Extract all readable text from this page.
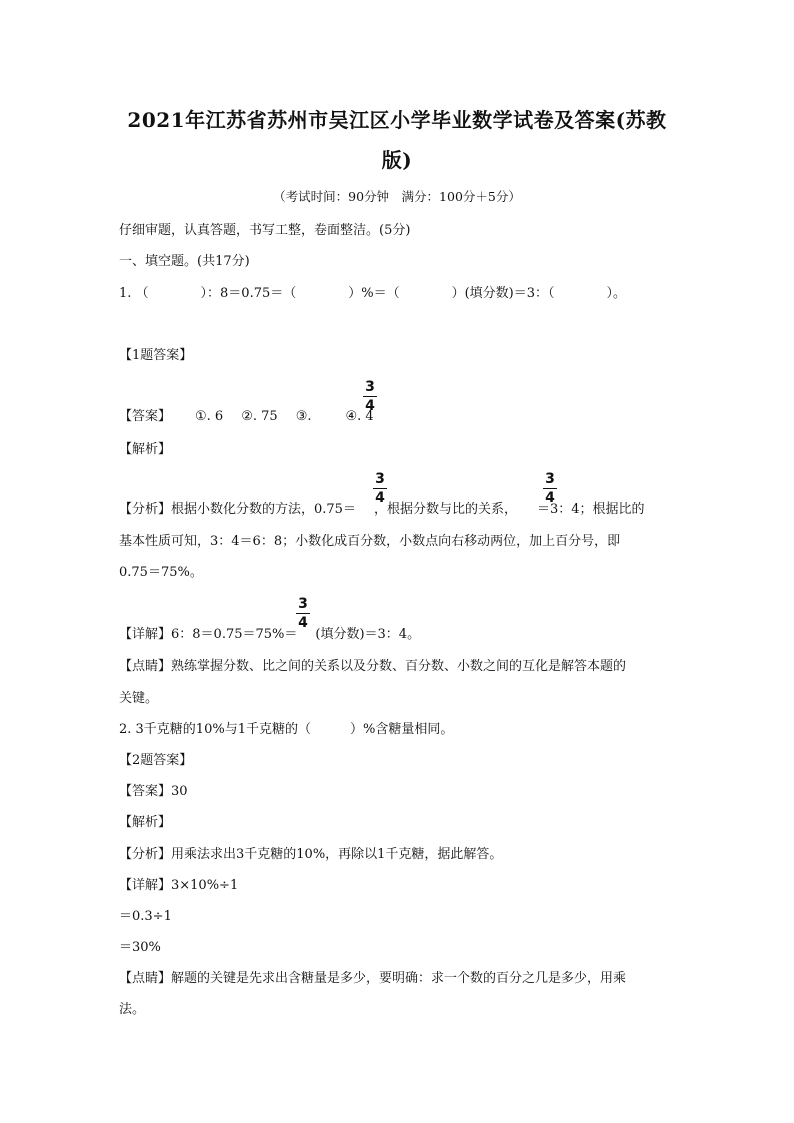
2021年江苏省苏州市吴江区小学毕业数学试卷及答案(苏教
版)
（考试时间：90分钟　满分：100分＋5分）
仔细审题，认真答题，书写工整，卷面整洁。(5分)
一、填空题。(共17分)
1. （　　　　）：8＝0.75＝（　　　　）%＝（　　　　）(填分数)＝3：（　　　　）。
【1题答案】
【答案】 ①. 6 ②. 75 ③.	④. 4
3
4
【解析】
【分析】根据小数化分数的方法，0.75＝ ，根据分数与比的关系， ＝3：4；根据比的
3
4
3
4
基本性质可知，3：4＝6：8；小数化成百分数，小数点向右移动两位，加上百分号，即
0.75＝75%。
【详解】6：8＝0.75＝75%＝ (填分数)＝3：4。
3
4
【点睛】熟练掌握分数、比之间的关系以及分数、百分数、小数之间的互化是解答本题的
关键。
2. 3千克糖的10%与1千克糖的（　　　）%含糖量相同。
【2题答案】
【答案】30
【解析】
【分析】用乘法求出3千克糖的10%，再除以1千克糖，据此解答。
【详解】3×10%÷1
＝0.3÷1
＝30%
【点睛】解题的关键是先求出含糖量是多少，要明确：求一个数的百分之几是多少，用乘
法。
